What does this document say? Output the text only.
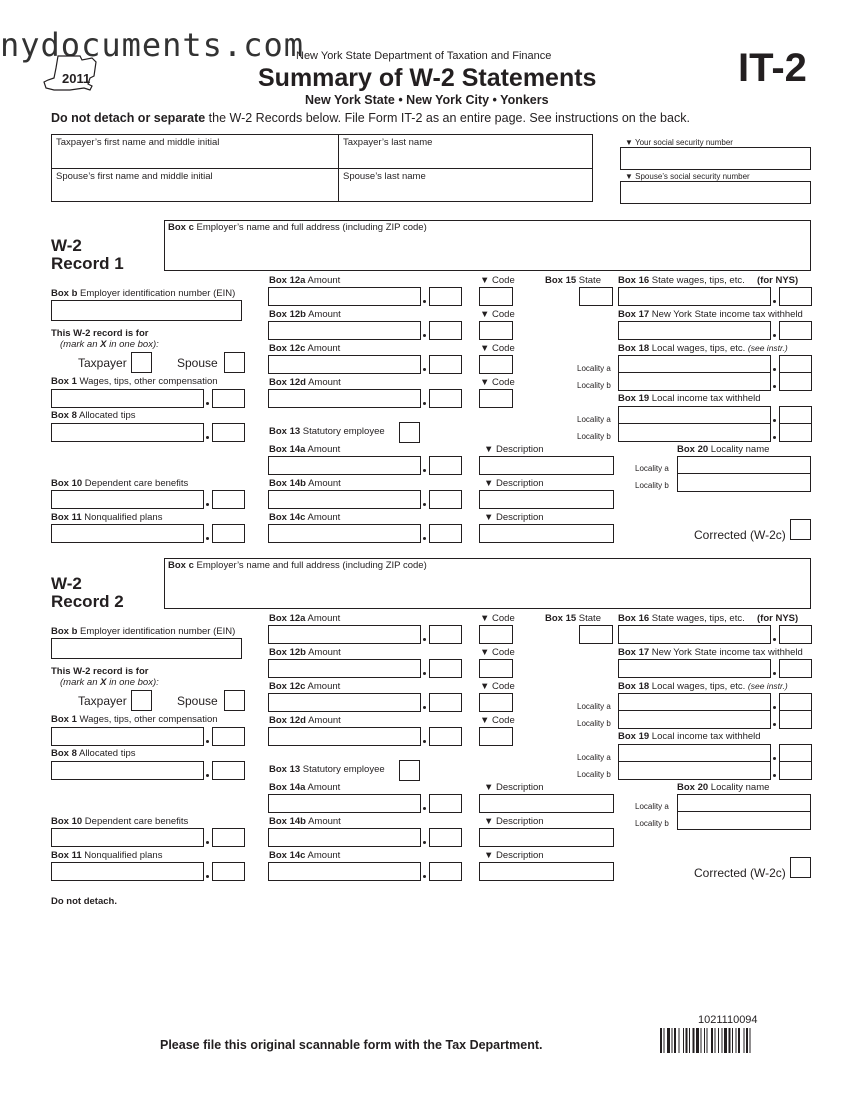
nydocuments.com
2011
New York State Department of Taxation and Finance
Summary of W-2 Statements
New York State • New York City • Yonkers
IT-2
Do not detach or separate the W-2 Records below. File Form IT-2 as an entire page. See instructions on the back.
Taxpayer’s first name and middle initial	Taxpayer’s last name
Spouse’s first name and middle initial	Spouse’s last name
▼ Your social security number
▼ Spouse’s social security number
W-2
Record 1
Box c Employer’s name and full address (including ZIP code)
Box b Employer identification number (EIN)
This W-2 record is for
(mark an X in one box):
Taxpayer	Spouse
Box 1 Wages, tips, other compensation
Box 8 Allocated tips
Box 10 Dependent care benefits
Box 11 Nonqualified plans
Box 12a Amount	▼ Code
Box 12b Amount	▼ Code
Box 12c Amount	▼ Code
Box 12d Amount	▼ Code
Box 13 Statutory employee
Box 14a Amount	▼ Description
Box 14b Amount	▼ Description
Box 14c Amount	▼ Description
Box 15 State Box 16 State wages, tips, etc. (for NYS)
Box 17 New York State income tax withheld
Box 18 Local wages, tips, etc. (see instr.)
Locality a
Locality b
Box 19 Local income tax withheld
Locality a
Locality b
Box 20 Locality name
Locality a
Locality b
Corrected (W-2c)
Do not detach.
W-2
Record 2
Box c Employer’s name and full address (including ZIP code)
Box b Employer identification number (EIN)
This W-2 record is for
(mark an X in one box):
Taxpayer	Spouse
Box 1 Wages, tips, other compensation
Box 8 Allocated tips
Box 10 Dependent care benefits
Box 11 Nonqualified plans
Box 12a Amount	▼ Code
Box 12b Amount	▼ Code
Box 12c Amount	▼ Code
Box 12d Amount	▼ Code
Box 13 Statutory employee
Box 14a Amount	▼ Description
Box 14b Amount	▼ Description
Box 14c Amount	▼ Description
Box 15 State Box 16 State wages, tips, etc. (for NYS)
Box 17 New York State income tax withheld
Box 18 Local wages, tips, etc. (see instr.)
Locality a
Locality b
Box 19 Local income tax withheld
Locality a
Locality b
Box 20 Locality name
Locality a
Locality b
Corrected (W-2c)
1021110094
Please file this original scannable form with the Tax Department.
